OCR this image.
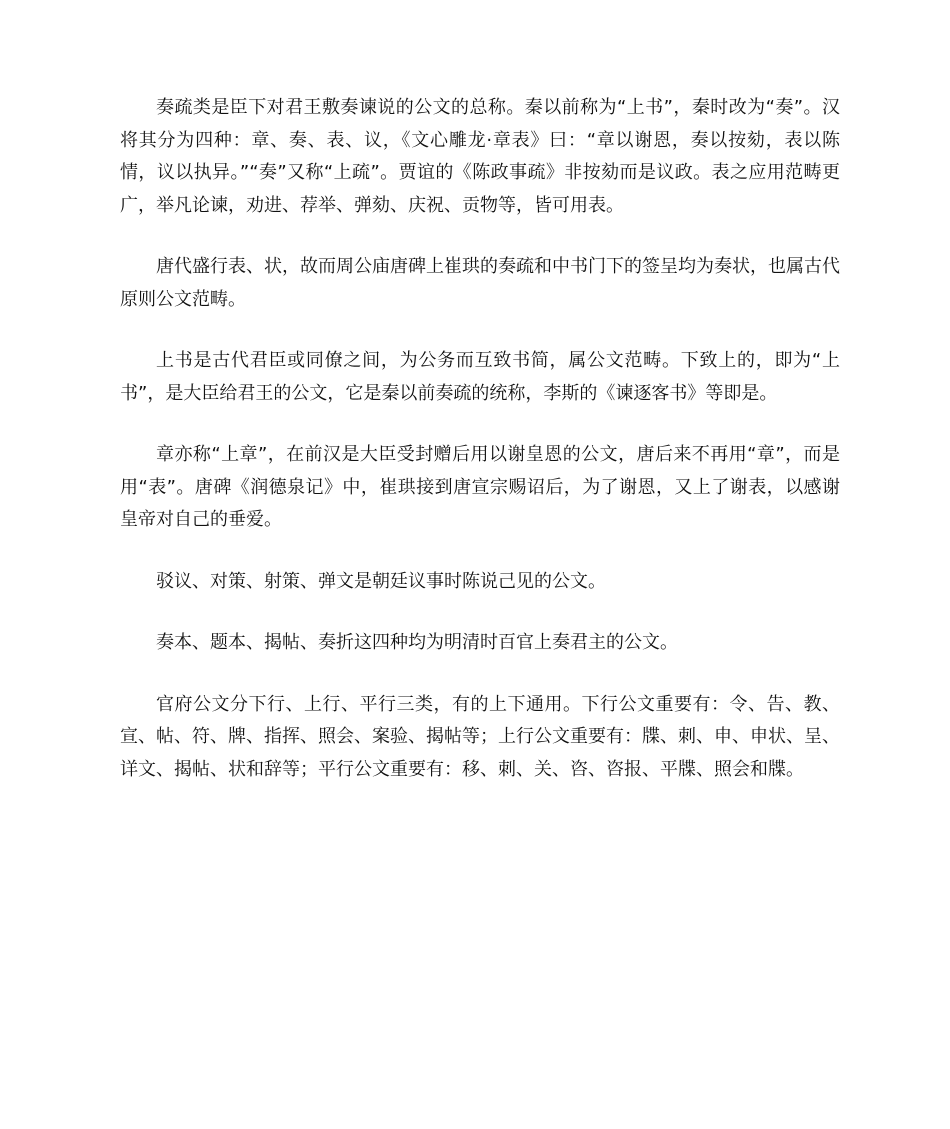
奏疏类是臣下对君王敷奏谏说的公文的总称。秦以前称为“上书”，秦时改为“奏”。汉将其分为四种：章、奏、表、议，《文心雕龙·章表》曰：“章以谢恩，奏以按劾，表以陈情，议以执异。”“奏”又称“上疏”。贾谊的《陈政事疏》非按劾而是议政。表之应用范畴更广，举凡论谏，劝进、荐举、弹劾、庆祝、贡物等，皆可用表。

唐代盛行表、状，故而周公庙唐碑上崔珙的奏疏和中书门下的签呈均为奏状，也属古代原则公文范畴。

上书是古代君臣或同僚之间，为公务而互致书简，属公文范畴。下致上的，即为“上书”，是大臣给君王的公文，它是秦以前奏疏的统称，李斯的《谏逐客书》等即是。

章亦称“上章”，在前汉是大臣受封赠后用以谢皇恩的公文，唐后来不再用“章”，而是用“表”。唐碑《润德泉记》中，崔珙接到唐宣宗赐诏后，为了谢恩，又上了谢表，以感谢皇帝对自己的垂爱。

驳议、对策、射策、弹文是朝廷议事时陈说己见的公文。

奏本、题本、揭帖、奏折这四种均为明清时百官上奏君主的公文。

官府公文分下行、上行、平行三类，有的上下通用。下行公文重要有：令、告、教、宣、帖、符、牌、指挥、照会、案验、揭帖等；上行公文重要有：牒、刺、申、申状、呈、详文、揭帖、状和辞等；平行公文重要有：移、刺、关、咨、咨报、平牒、照会和牒。
